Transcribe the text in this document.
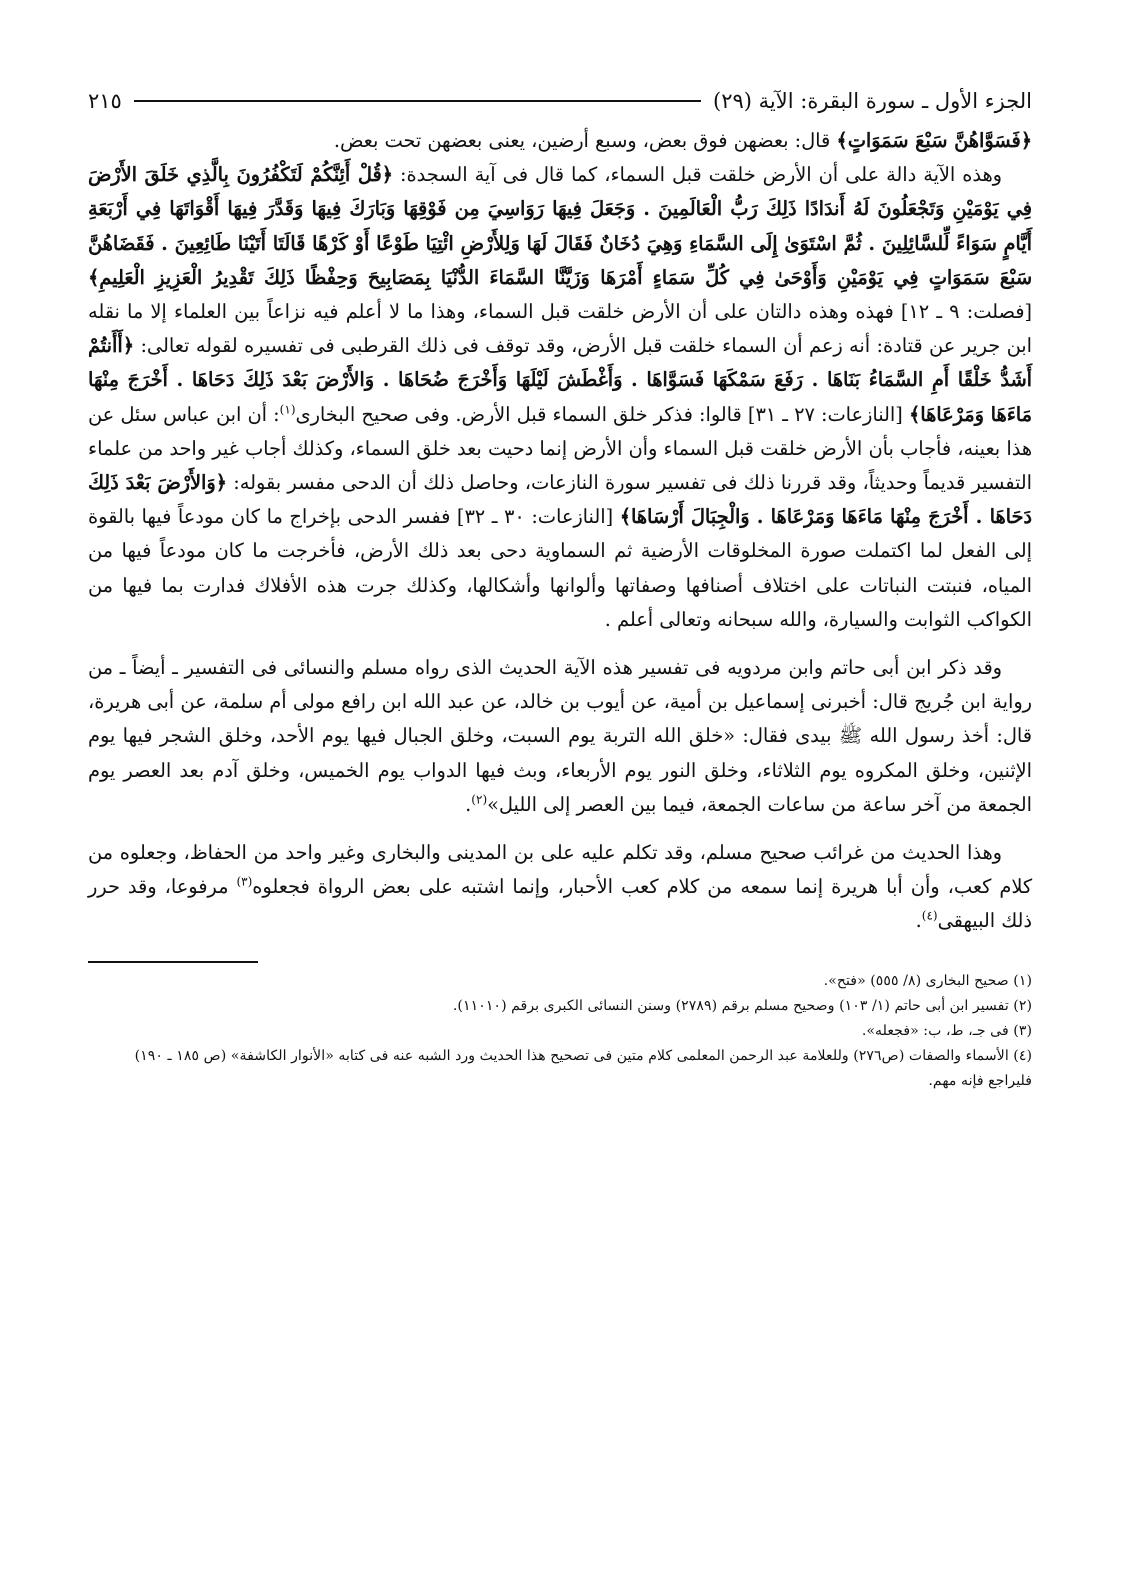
الجزء الأول ـ سورة البقرة: الآية (٢٩)
٢١٥

﴿فَسَوَّاهُنَّ سَبْعَ سَمَوَاتٍ﴾ قال: بعضهن فوق بعض، وسبع أرضين، يعنى بعضهن تحت بعض.

وهذه الآية دالة على أن الأرض خلقت قبل السماء، كما قال فى آية السجدة: ﴿قُلْ أَئِنَّكُمْ لَتَكْفُرُونَ بِالَّذِي خَلَقَ الأَرْضَ فِي يَوْمَيْنِ وَتَجْعَلُونَ لَهُ أَندَادًا ذَلِكَ رَبُّ الْعَالَمِينَ . وَجَعَلَ فِيهَا رَوَاسِيَ مِن فَوْقِهَا وَبَارَكَ فِيهَا وَقَدَّرَ فِيهَا أَقْوَاتَهَا فِي أَرْبَعَةِ أَيَّامٍ سَوَاءً لِّلسَّائِلِينَ . ثُمَّ اسْتَوَىٰ إِلَى السَّمَاءِ وَهِيَ دُخَانٌ فَقَالَ لَهَا وَلِلأَرْضِ ائْتِيَا طَوْعًا أَوْ كَرْهًا قَالَتَا أَتَيْنَا طَائِعِينَ . فَقَضَاهُنَّ سَبْعَ سَمَوَاتٍ فِي يَوْمَيْنِ وَأَوْحَىٰ فِي كُلِّ سَمَاءٍ أَمْرَهَا وَزَيَّنَّا السَّمَاءَ الدُّنْيَا بِمَصَابِيحَ وَحِفْظًا ذَلِكَ تَقْدِيرُ الْعَزِيزِ الْعَلِيمِ﴾ [فصلت: ٩ ـ ١٢] فهذه وهذه دالتان على أن الأرض خلقت قبل السماء، وهذا ما لا أعلم فيه نزاعاً بين العلماء إلا ما نقله ابن جرير عن قتادة: أنه زعم أن السماء خلقت قبل الأرض، وقد توقف فى ذلك القرطبى فى تفسيره لقوله تعالى: ﴿أَأَنتُمْ أَشَدُّ خَلْقًا أَمِ السَّمَاءُ بَنَاهَا . رَفَعَ سَمْكَهَا فَسَوَّاهَا . وَأَغْطَشَ لَيْلَهَا وَأَخْرَجَ ضُحَاهَا . وَالأَرْضَ بَعْدَ ذَلِكَ دَحَاهَا . أَخْرَجَ مِنْهَا مَاءَهَا وَمَرْعَاهَا﴾ [النازعات: ٢٧ ـ ٣١] قالوا: فذكر خلق السماء قبل الأرض. وفى صحيح البخارى$^{(١)}$: أن ابن عباس سئل عن هذا بعينه، فأجاب بأن الأرض خلقت قبل السماء وأن الأرض إنما دحيت بعد خلق السماء، وكذلك أجاب غير واحد من علماء التفسير قديماً وحديثاً، وقد قررنا ذلك فى تفسير سورة النازعات، وحاصل ذلك أن الدحى مفسر بقوله: ﴿وَالأَرْضَ بَعْدَ ذَلِكَ دَحَاهَا . أَخْرَجَ مِنْهَا مَاءَهَا وَمَرْعَاهَا . وَالْجِبَالَ أَرْسَاهَا﴾ [النازعات: ٣٠ ـ ٣٢] ففسر الدحى بإخراج ما كان مودعاً فيها بالقوة إلى الفعل لما اكتملت صورة المخلوقات الأرضية ثم السماوية دحى بعد ذلك الأرض، فأخرجت ما كان مودعاً فيها من المياه، فنبتت النباتات على اختلاف أصنافها وصفاتها وألوانها وأشكالها، وكذلك جرت هذه الأفلاك فدارت بما فيها من الكواكب الثوابت والسيارة، والله سبحانه وتعالى أعلم .

وقد ذكر ابن أبى حاتم وابن مردويه فى تفسير هذه الآية الحديث الذى رواه مسلم والنسائى فى التفسير ـ أيضاً ـ من رواية ابن جُريج قال: أخبرنى إسماعيل بن أمية، عن أيوب بن خالد، عن عبد الله ابن رافع مولى أم سلمة، عن أبى هريرة، قال: أخذ رسول الله ﷺ بيدى فقال: «خلق الله التربة يوم السبت، وخلق الجبال فيها يوم الأحد، وخلق الشجر فيها يوم الإثنين، وخلق المكروه يوم الثلاثاء، وخلق النور يوم الأربعاء، وبث فيها الدواب يوم الخميس، وخلق آدم بعد العصر يوم الجمعة من آخر ساعة من ساعات الجمعة، فيما بين العصر إلى الليل»$^{(٢)}$.

وهذا الحديث من غرائب صحيح مسلم، وقد تكلم عليه على بن المدينى والبخارى وغير واحد من الحفاظ، وجعلوه من كلام كعب، وأن أبا هريرة إنما سمعه من كلام كعب الأحبار، وإنما اشتبه على بعض الرواة فجعلوه$^{(٣)}$ مرفوعا، وقد حرر ذلك البيهقى$^{(٤)}$.

(١) صحيح البخارى (٨/ ٥٥٥) «فتح».

(٢) تفسير ابن أبى حاتم (١/ ١٠٣) وصحيح مسلم برقم (٢٧٨٩) وسنن النسائى الكبرى برقم (١١٠١٠).

(٣) فى جـ، ط، ب: «فجعله».

(٤) الأسماء والصفات (ص٢٧٦) وللعلامة عبد الرحمن المعلمى كلام متين فى تصحيح هذا الحديث ورد الشبه عنه فى كتابه «الأنوار الكاشفة» (ص ١٨٥ ـ ١٩٠) فليراجع فإنه مهم.
